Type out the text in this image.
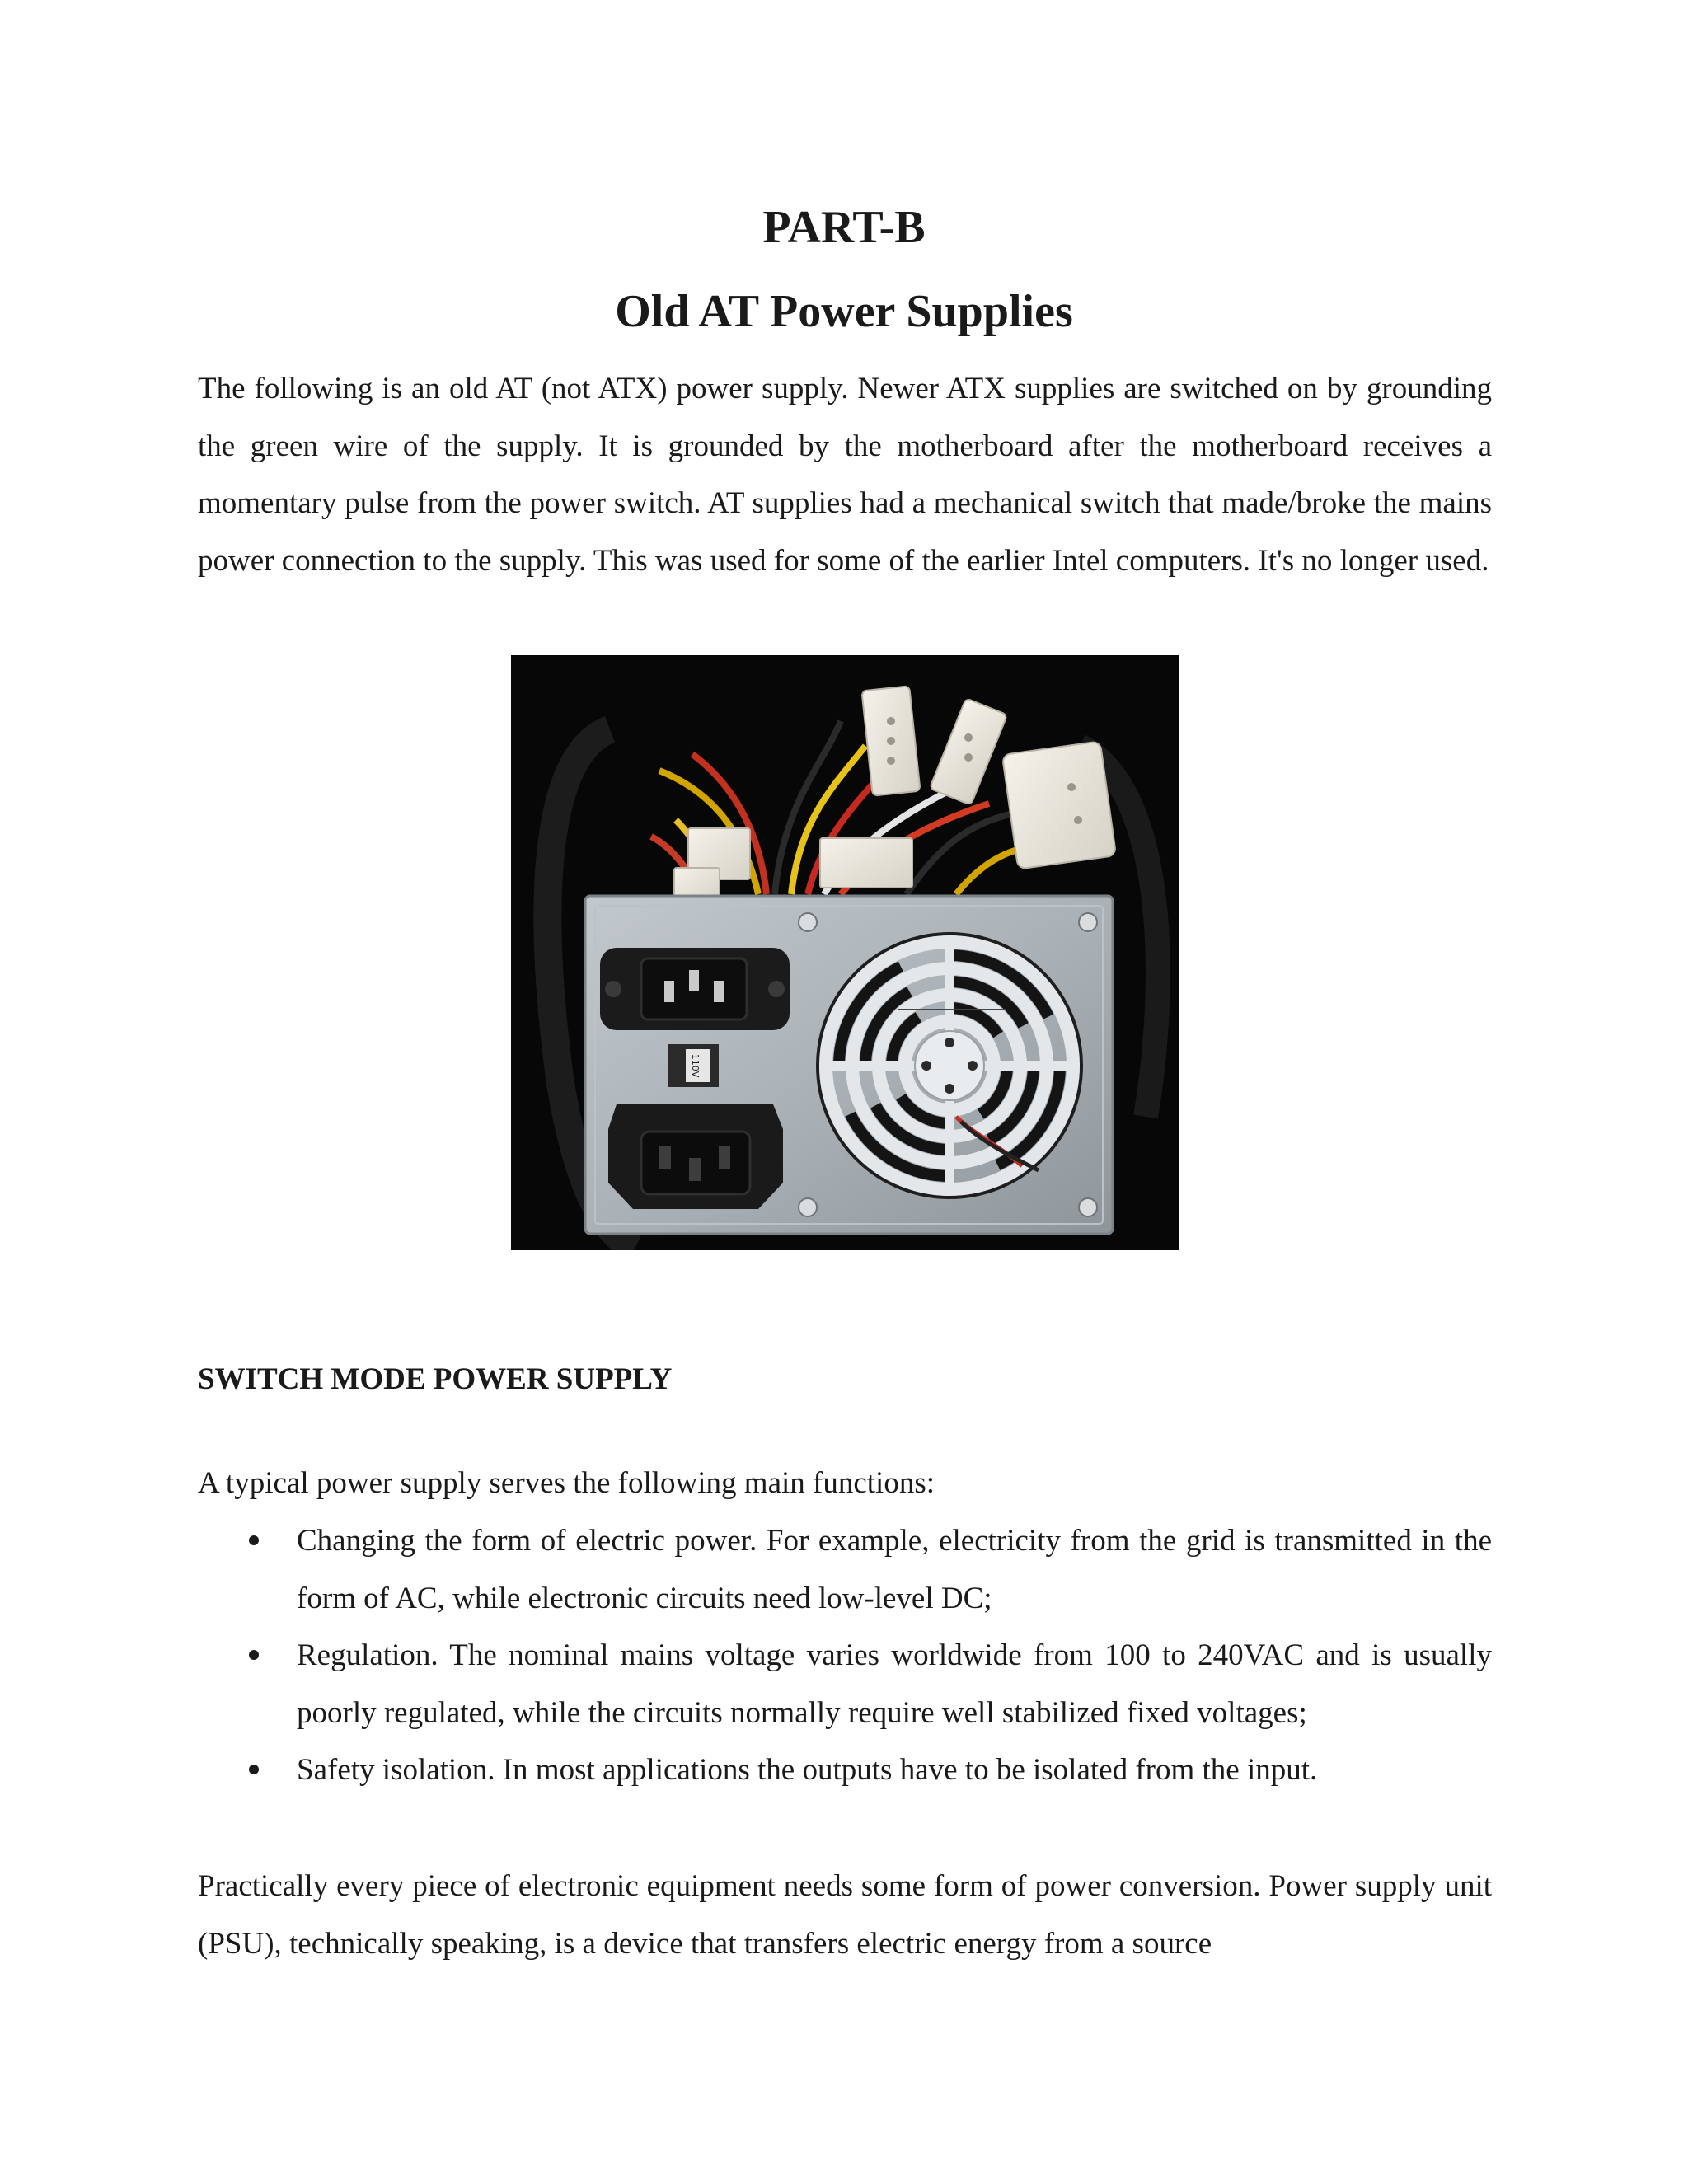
PART-B
Old AT Power Supplies

The following is an old AT (not ATX) power supply. Newer ATX supplies are switched on by grounding the green wire of the supply. It is grounded by the motherboard after the motherboard receives a momentary pulse from the power switch. AT supplies had a mechanical switch that made/broke the mains power connection to the supply. This was used for some of the earlier Intel computers. It's no longer used.

110V
SWITCH MODE POWER SUPPLY

A typical power supply serves the following main functions:

Changing the form of electric power. For example, electricity from the grid is transmitted in the form of AC, while electronic circuits need low-level DC;
Regulation. The nominal mains voltage varies worldwide from 100 to 240VAC and is usually poorly regulated, while the circuits normally require well stabilized fixed voltages;
Safety isolation. In most applications the outputs have to be isolated from the input.

Practically every piece of electronic equipment needs some form of power conversion. Power supply unit (PSU), technically speaking, is a device that transfers electric energy from a source
